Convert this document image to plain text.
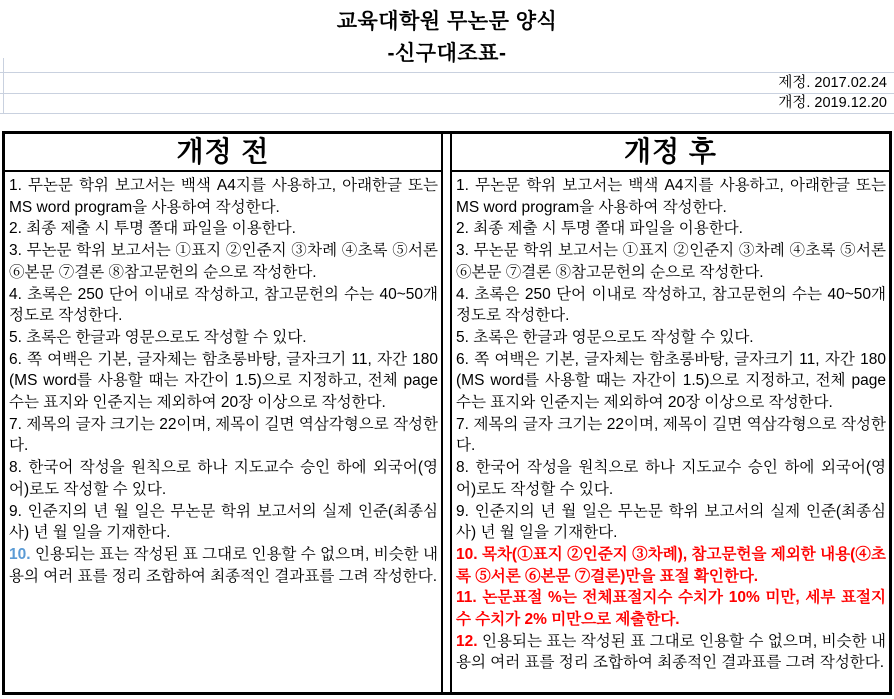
교육대학원 무논문 양식
-신구대조표-
제정. 2017.02.24
개정. 2019.12.20
개정 전
1. 무논문 학위 보고서는 백색 A4지를 사용하고, 아래한글 또는 MS word program을 사용하여 작성한다.
2. 최종 제출 시 투명 쫄대 파일을 이용한다.
3. 무논문 학위 보고서는 ①표지 ②인준지 ③차례 ④초록 ⑤서론 ⑥본문 ⑦결론 ⑧참고문헌의 순으로 작성한다.
4. 초록은 250 단어 이내로 작성하고, 참고문헌의 수는 40~50개 정도로 작성한다.
5. 초록은 한글과 영문으로도 작성할 수 있다.
6. 쪽 여백은 기본, 글자체는 함초롱바탕, 글자크기 11, 자간 180 (MS word를 사용할 때는 자간이 1.5)으로 지정하고, 전체 page 수는 표지와 인준지는 제외하여 20장 이상으로 작성한다.
7. 제목의 글자 크기는 22이며, 제목이 길면 역삼각형으로 작성한다.
8. 한국어 작성을 원칙으로 하나 지도교수 승인 하에 외국어(영어)로도 작성할 수 있다.
9. 인준지의 년 월 일은 무논문 학위 보고서의 실제 인준(최종심사) 년 월 일을 기재한다.
10. 인용되는 표는 작성된 표 그대로 인용할 수 없으며, 비슷한 내용의 여러 표를 정리 조합하여 최종적인 결과표를 그려 작성한다.
개정 후
1. 무논문 학위 보고서는 백색 A4지를 사용하고, 아래한글 또는 MS word program을 사용하여 작성한다.
2. 최종 제출 시 투명 쫄대 파일을 이용한다.
3. 무논문 학위 보고서는 ①표지 ②인준지 ③차례 ④초록 ⑤서론 ⑥본문 ⑦결론 ⑧참고문헌의 순으로 작성한다.
4. 초록은 250 단어 이내로 작성하고, 참고문헌의 수는 40~50개 정도로 작성한다.
5. 초록은 한글과 영문으로도 작성할 수 있다.
6. 쪽 여백은 기본, 글자체는 함초롱바탕, 글자크기 11, 자간 180 (MS word를 사용할 때는 자간이 1.5)으로 지정하고, 전체 page 수는 표지와 인준지는 제외하여 20장 이상으로 작성한다.
7. 제목의 글자 크기는 22이며, 제목이 길면 역삼각형으로 작성한다.
8. 한국어 작성을 원칙으로 하나 지도교수 승인 하에 외국어(영어)로도 작성할 수 있다.
9. 인준지의 년 월 일은 무논문 학위 보고서의 실제 인준(최종심사) 년 월 일을 기재한다.
10. 목차(①표지 ②인준지 ③차례), 참고문헌을 제외한 내용(④초록 ⑤서론 ⑥본문 ⑦결론)만을 표절 확인한다.
11. 논문표절 %는 전체표절지수 수치가 10% 미만, 세부 표절지수 수치가 2% 미만으로 제출한다.
12. 인용되는 표는 작성된 표 그대로 인용할 수 없으며, 비슷한 내용의 여러 표를 정리 조합하여 최종적인 결과표를 그려 작성한다.
